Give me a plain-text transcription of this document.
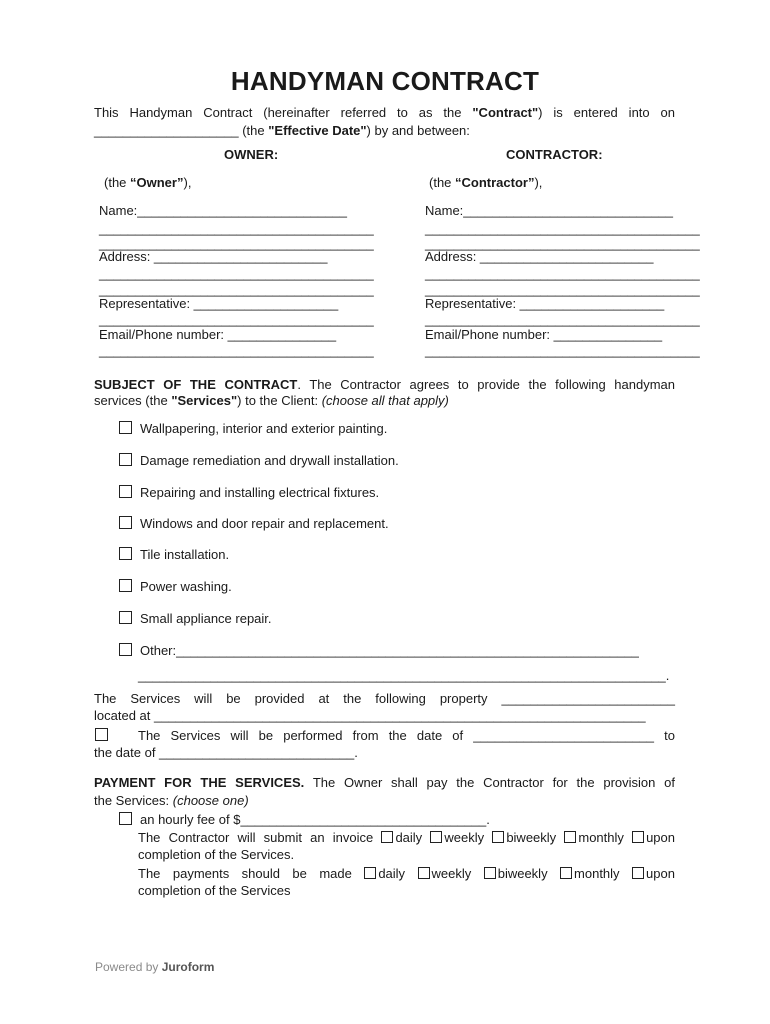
HANDYMAN CONTRACT
This Handyman Contract (hereinafter referred to as the "Contract") is entered into on
____________________ (the "Effective Date") by and between:
OWNER:	CONTRACTOR:
(the “Owner”),
Name:_____________________________
______________________________________
______________________________________
Address: ________________________
______________________________________
______________________________________
Representative: ____________________
______________________________________
Email/Phone number: _______________
______________________________________
(the “Contractor”),
Name:_____________________________
______________________________________
______________________________________
Address: ________________________
______________________________________
______________________________________
Representative: ____________________
______________________________________
Email/Phone number: _______________
______________________________________
SUBJECT OF THE CONTRACT. The Contractor agrees to provide the following handyman
services (the "Services") to the Client: (choose all that apply)
Wallpapering, interior and exterior painting.
Damage remediation and drywall installation.
Repairing and installing electrical fixtures.
Windows and door repair and replacement.
Tile installation.
Power washing.
Small appliance repair.
Other:________________________________________________________________
_________________________________________________________________________.
The Services will be provided at the following property ________________________
located at ____________________________________________________________________
The Services will be performed from the date of _________________________ to
the date of ___________________________.
PAYMENT FOR THE SERVICES. The Owner shall pay the Contractor for the provision of
the Services: (choose one)
an hourly fee of $__________________________________.
The Contractor will submit an invoice daily weekly biweekly monthly upon
completion of the Services.
The payments should be made daily weekly biweekly monthly upon
completion of the Services
Powered by Juroform
